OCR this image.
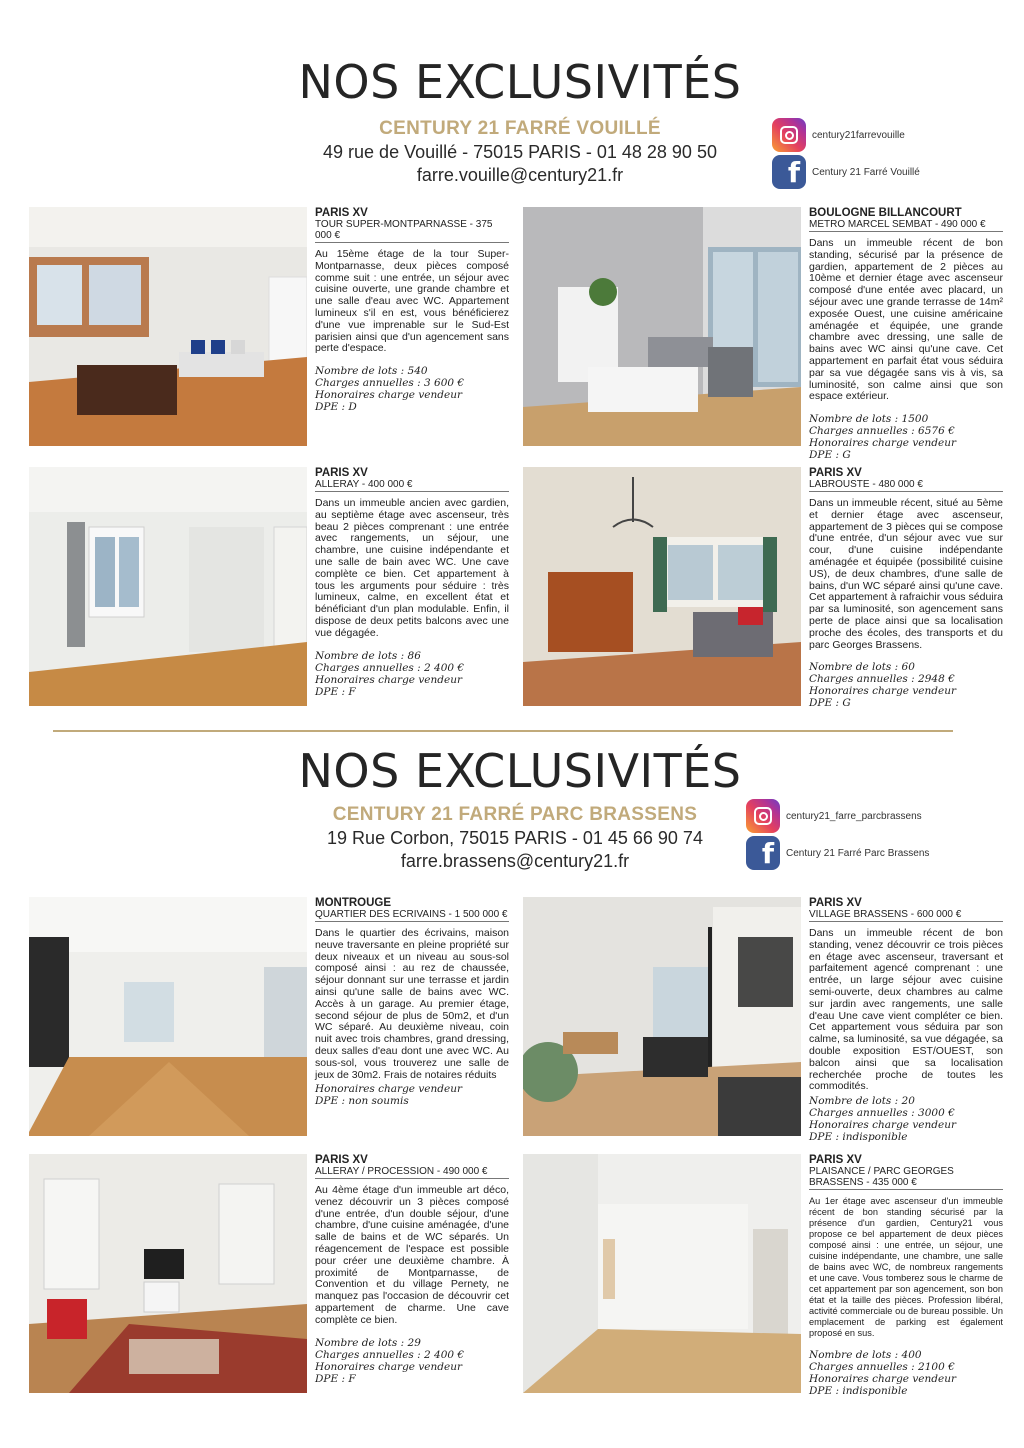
NOS EXCLUSIVITÉS
CENTURY 21 FARRÉ VOUILLÉ
49 rue de Vouillé - 75015 PARIS - 01 48 28 90 50
farre.vouille@century21.fr
century21farrevouille
f Century 21 Farré Vouillé
PARIS XV
TOUR SUPER-MONTPARNASSE - 375 000 €

Au 15ème étage de la tour Super-Montparnasse, deux pièces composé comme suit : une entrée, un séjour avec cuisine ouverte, une grande chambre et une salle d'eau avec WC. Appartement lumineux s'il en est, vous bénéficierez d'une vue imprenable sur le Sud-Est parisien ainsi que d'un agencement sans perte d'espace.

Nombre de lots : 540
Charges annuelles : 3 600 €
Honoraires charge vendeur
DPE : D
BOULOGNE BILLANCOURT
METRO MARCEL SEMBAT - 490 000 €

Dans un immeuble récent de bon standing, sécurisé par la présence de gardien, appartement de 2 pièces au 10ème et dernier étage avec ascenseur composé d'une entée avec placard, un séjour avec une grande terrasse de 14m² exposée Ouest, une cuisine américaine aménagée et équipée, une grande chambre avec dressing, une salle de bains avec WC ainsi qu'une cave. Cet appartement en parfait état vous séduira par sa vue dégagée sans vis à vis, sa luminosité, son calme ainsi que son espace extérieur.

Nombre de lots : 1500
Charges annuelles : 6576 €
Honoraires charge vendeur
DPE : G
PARIS XV
ALLERAY - 400 000 €

Dans un immeuble ancien avec gardien, au septième étage avec ascenseur, très beau 2 pièces comprenant : une entrée avec rangements, un séjour, une chambre, une cuisine indépendante et une salle de bain avec WC. Une cave complète ce bien. Cet appartement à tous les arguments pour séduire : très lumineux, calme, en excellent état et bénéficiant d'un plan modulable. Enfin, il dispose de deux petits balcons avec une vue dégagée.

Nombre de lots : 86
Charges annuelles : 2 400 €
Honoraires charge vendeur
DPE : F
PARIS XV
LABROUSTE - 480 000 €

Dans un immeuble récent, situé au 5ème et dernier étage avec ascenseur, appartement de 3 pièces qui se compose d'une entrée, d'un séjour avec vue sur cour, d'une cuisine indépendante aménagée et équipée (possibilité cuisine US), de deux chambres, d'une salle de bains, d'un WC séparé ainsi qu'une cave. Cet appartement à rafraichir vous séduira par sa luminosité, son agencement sans perte de place ainsi que sa localisation proche des écoles, des transports et du parc Georges Brassens.

Nombre de lots : 60
Charges annuelles : 2948 €
Honoraires charge vendeur
DPE : G
NOS EXCLUSIVITÉS
CENTURY 21 FARRÉ PARC BRASSENS
19 Rue Corbon, 75015 PARIS - 01 45 66 90 74
farre.brassens@century21.fr
century21_farre_parcbrassens
f Century 21 Farré Parc Brassens
MONTROUGE
QUARTIER DES ECRIVAINS - 1 500 000 €

Dans le quartier des écrivains, maison neuve traversante en pleine propriété sur deux niveaux et un niveau au sous-sol composé ainsi : au rez de chaussée, séjour donnant sur une terrasse et jardin ainsi qu'une salle de bains avec WC. Accès à un garage. Au premier étage, second séjour de plus de 50m2, et d'un WC séparé. Au deuxième niveau, coin nuit avec trois chambres, grand dressing, deux salles d'eau dont une avec WC. Au sous-sol, vous trouverez une salle de jeux de 30m2. Frais de notaires réduits

Honoraires charge vendeur
DPE : non soumis
PARIS XV
VILLAGE BRASSENS - 600 000 €

Dans un immeuble récent de bon standing, venez découvrir ce trois pièces en étage avec ascenseur, traversant et parfaitement agencé comprenant : une entrée, un large séjour avec cuisine semi-ouverte, deux chambres au calme sur jardin avec rangements, une salle d'eau Une cave vient compléter ce bien. Cet appartement vous séduira par son calme, sa luminosité, sa vue dégagée, sa double exposition EST/OUEST, son balcon ainsi que sa localisation recherchée proche de toutes les commodités.

Nombre de lots : 20
Charges annuelles : 3000 €
Honoraires charge vendeur
DPE : indisponible
PARIS XV
ALLERAY / PROCESSION - 490 000 €

Au 4ème étage d'un immeuble art déco, venez découvrir un 3 pièces composé d'une entrée, d'un double séjour, d'une chambre, d'une cuisine aménagée, d'une salle de bains et de WC séparés. Un réagencement de l'espace est possible pour créer une deuxième chambre. À proximité de Montparnasse, de Convention et du village Pernety, ne manquez pas l'occasion de découvrir cet appartement de charme. Une cave complète ce bien.

Nombre de lots : 29
Charges annuelles : 2 400 €
Honoraires charge vendeur
DPE : F
PARIS XV
PLAISANCE / PARC GEORGES BRASSENS - 435 000 €

Au 1er étage avec ascenseur d'un immeuble récent de bon standing sécurisé par la présence d'un gardien, Century21 vous propose ce bel appartement de deux pièces composé ainsi : une entrée, un séjour, une cuisine indépendante, une chambre, une salle de bains avec WC, de nombreux rangements et une cave. Vous tomberez sous le charme de cet appartement par son agencement, son bon état et la taille des pièces. Profession libéral, activité commerciale ou de bureau possible. Un emplacement de parking est également proposé en sus.

Nombre de lots : 400
Charges annuelles : 2100 €
Honoraires charge vendeur
DPE : indisponible
